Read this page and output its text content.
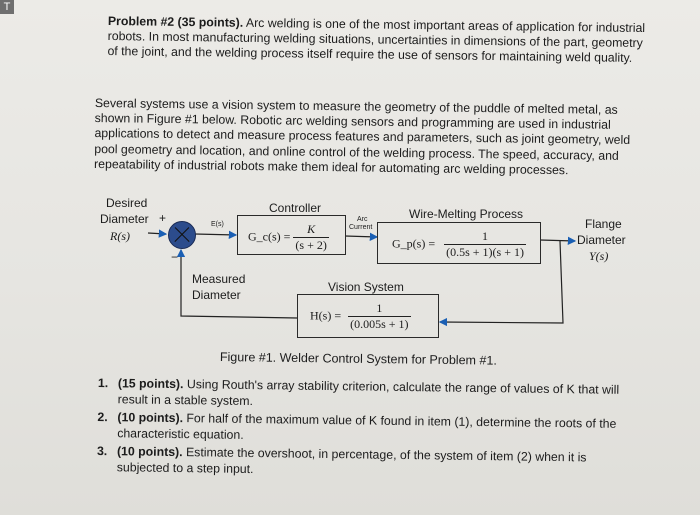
T
Problem #2 (35 points). Arc welding is one of the most important areas of application for industrial robots. In most manufacturing welding situations, uncertainties in dimensions of the part, geometry of the joint, and the welding process itself require the use of sensors for maintaining weld quality.
Several systems use a vision system to measure the geometry of the puddle of melted metal, as shown in Figure #1 below. Robotic arc welding sensors and programming are used in industrial applications to detect and measure process features and parameters, such as joint geometry, weld pool geometry and location, and online control of the welding process. The speed, accuracy, and repeatability of industrial robots make them ideal for automating arc welding processes.
Desired
Diameter
R(s)
+
−
E(s)
Controller
G_c(s) = $\frac{K}{(s + 2)}$
Arc
Current
Wire-Melting Process
G_p(s) = $\frac{1}{(0.5s + 1)(s + 1)}$
Flange
Diameter
Y(s)
Measured
Diameter
Vision System
$H(s) = \frac{1}{(0.005s + 1)}$
Figure #1. Welder Control System for Problem #1.
1. (15 points). Using Routh's array stability criterion, calculate the range of values of K that will result in a stable system.
2. (10 points). For half of the maximum value of K found in item (1), determine the roots of the characteristic equation.
3. (10 points). Estimate the overshoot, in percentage, of the system of item (2) when it is subjected to a step input.
